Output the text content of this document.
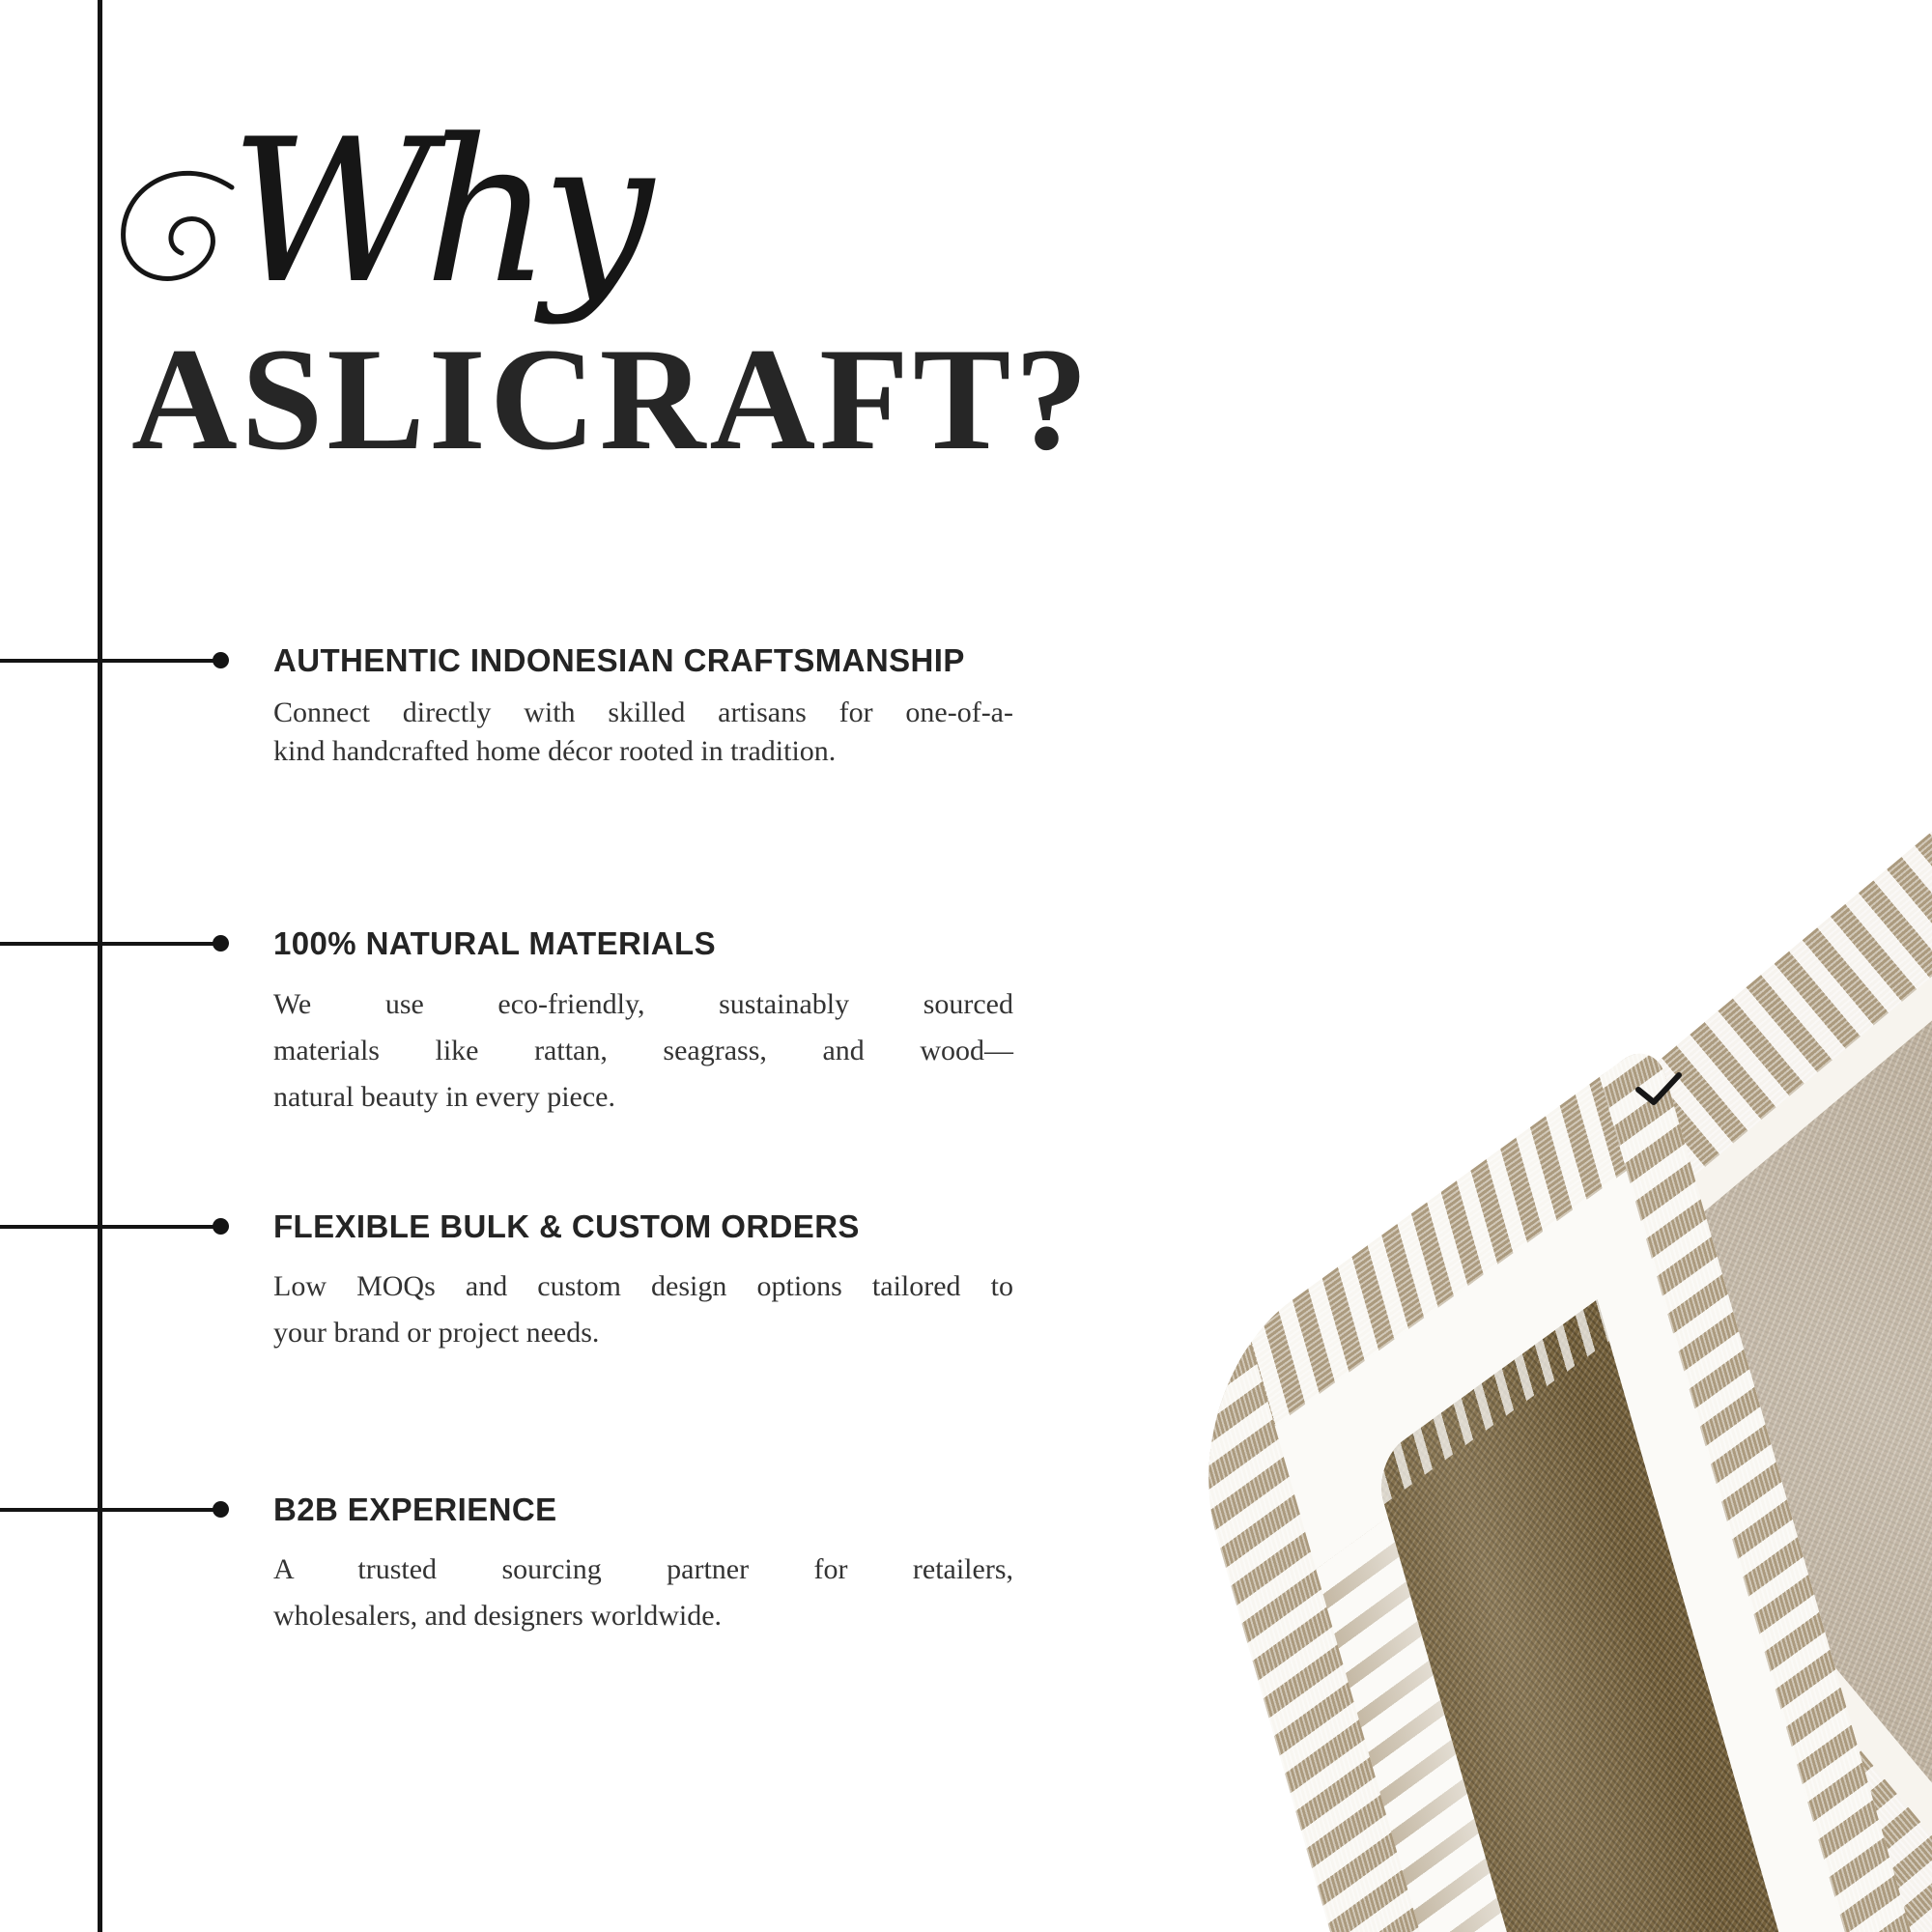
Why
ASLICRAFT?
AUTHENTIC INDONESIAN CRAFTSMANSHIP
Connect directly with skilled artisans for one-of-a-
kind handcrafted home décor rooted in tradition.
100% NATURAL MATERIALS
We use eco-friendly, sustainably sourced
materials like rattan, seagrass, and wood—
natural beauty in every piece.
FLEXIBLE BULK & CUSTOM ORDERS
Low MOQs and custom design options tailored to
your brand or project needs.
B2B EXPERIENCE
A trusted sourcing partner for retailers,
wholesalers, and designers worldwide.
